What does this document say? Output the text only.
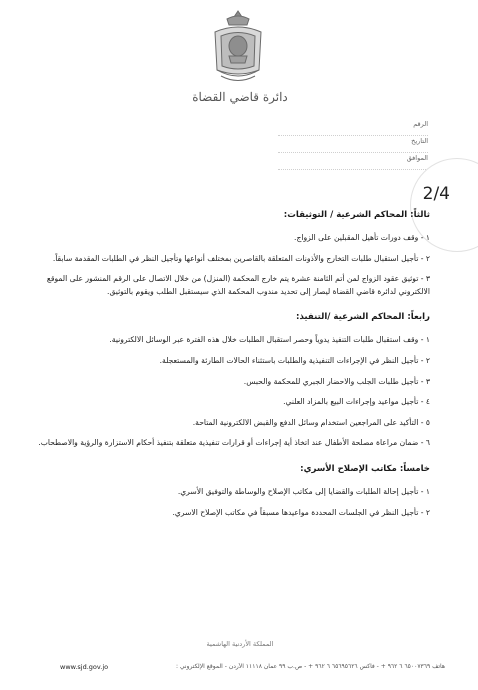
دائرة قاضي القضاة
الرقم
التاريخ
الموافق
2/4
ثالثاً: المحاكم الشرعية / التوثيقات:
١ - وقف دورات تأهيل المقبلين على الزواج.
٢ - تأجيل استقبال طلبات التخارج والأذونات المتعلقة بالقاصرين بمختلف أنواعها وتأجيل النظر في الطلبات المقدمة سابقاً.
٣ - توثيق عقود الزواج لمن أتم الثامنة عشرة يتم خارج المحكمة (المنزل) من خلال الاتصال على الرقم المنشور على الموقع الالكتروني لدائرة قاضي القضاة ليصار إلى تحديد مندوب المحكمة الذي سيستقبل الطلب ويقوم بالتوثيق.
رابعاً: المحاكم الشرعية /التنفيذ:
١ - وقف استقبال طلبات التنفيذ يدوياً وحصر استقبال الطلبات خلال هذه الفترة عبر الوسائل الالكترونية.
٢ - تأجيل النظر في الإجراءات التنفيذية والطلبات باستثناء الحالات الطارئة والمستعجلة.
٣ - تأجيل طلبات الجلب والاحضار الجبري للمحكمة والحبس.
٤ - تأجيل مواعيد وإجراءات البيع بالمزاد العلني.
٥ - التأكيد على المراجعين استخدام وسائل الدفع والقبض الالكترونية المتاحة.
٦ - ضمان مراعاة مصلحة الأطفال عند اتخاذ أية إجراءات أو قرارات تنفيذية متعلقة بتنفيذ أحكام الاستزارة والرؤية والاصطحاب.
خامساً: مكاتب الإصلاح الأسري:
١ - تأجيل إحالة الطلبات والقضايا إلى مكاتب الإصلاح والوساطة والتوفيق الأسري.
٢ - تأجيل النظر في الجلسات المحددة مواعيدها مسبقاً في مكاتب الإصلاح الاسري.
المملكة الأردنية الهاشمية
هاتف ٦٥٠٠٧٣٦٩ ٦ ٩٦٢ + - فاكس ٦٥٦٩٥٦٢٦ ٦ ٩٦٢ + - ص.ب ٩٩ عمان ١١١١٨ الأردن - الموقع الإلكتروني :
www.sjd.gov.jo
